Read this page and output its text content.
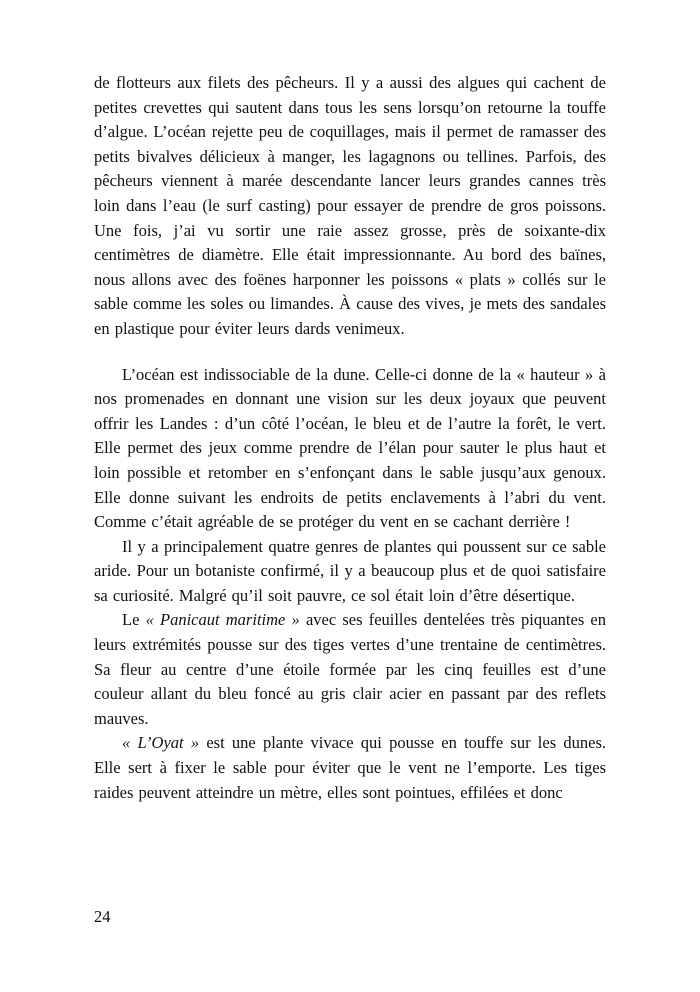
de flotteurs aux filets des pêcheurs. Il y a aussi des algues qui cachent de petites crevettes qui sautent dans tous les sens lorsqu’on retourne la touffe d’algue. L’océan rejette peu de coquillages, mais il permet de ramasser des petits bivalves délicieux à manger, les lagagnons ou tellines. Parfois, des pêcheurs viennent à marée descendante lancer leurs grandes cannes très loin dans l’eau (le surf casting) pour essayer de prendre de gros poissons. Une fois, j’ai vu sortir une raie assez grosse, près de soixante-dix centimètres de diamètre. Elle était impressionnante. Au bord des baïnes, nous allons avec des foënes harponner les poissons « plats » collés sur le sable comme les soles ou limandes. À cause des vives, je mets des sandales en plastique pour éviter leurs dards venimeux.

L’océan est indissociable de la dune. Celle-ci donne de la « hauteur » à nos promenades en donnant une vision sur les deux joyaux que peuvent offrir les Landes : d’un côté l’océan, le bleu et de l’autre la forêt, le vert. Elle permet des jeux comme prendre de l’élan pour sauter le plus haut et loin possible et retomber en s’enfonçant dans le sable jusqu’aux genoux. Elle donne suivant les endroits de petits enclavements à l’abri du vent. Comme c’était agréable de se protéger du vent en se cachant derrière !

Il y a principalement quatre genres de plantes qui poussent sur ce sable aride. Pour un botaniste confirmé, il y a beaucoup plus et de quoi satisfaire sa curiosité. Malgré qu’il soit pauvre, ce sol était loin d’être désertique.

Le « Panicaut maritime » avec ses feuilles dentelées très piquantes en leurs extrémités pousse sur des tiges vertes d’une trentaine de centimètres. Sa fleur au centre d’une étoile formée par les cinq feuilles est d’une couleur allant du bleu foncé au gris clair acier en passant par des reflets mauves.

« L’Oyat » est une plante vivace qui pousse en touffe sur les dunes. Elle sert à fixer le sable pour éviter que le vent ne l’emporte. Les tiges raides peuvent atteindre un mètre, elles sont pointues, effilées et donc

24
